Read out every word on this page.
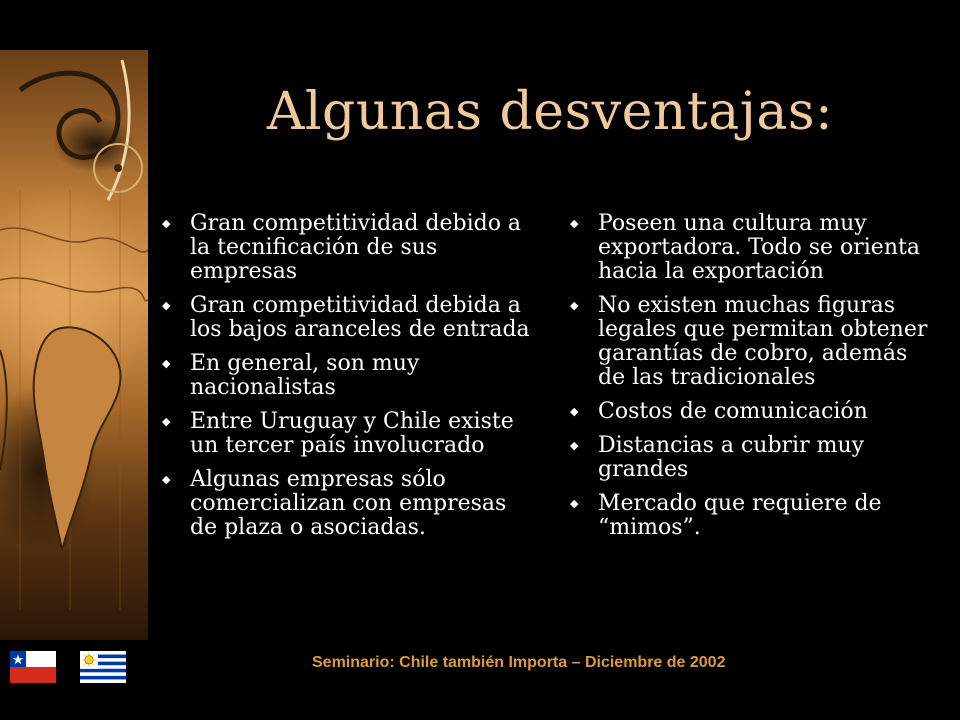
Algunas desventajas:
◆ Gran competitividad debido a la tecnificación de sus empresas
◆ Gran competitividad debida a los bajos aranceles de entrada
◆ En general, son muy nacionalistas
◆ Entre Uruguay y Chile existe un tercer país involucrado
◆ Algunas empresas sólo comercializan con empresas de plaza o asociadas.
◆ Poseen una cultura muy exportadora. Todo se orienta hacia la exportación
◆ No existen muchas figuras legales que permitan obtener garantías de cobro, además de las tradicionales
◆ Costos de comunicación
◆ Distancias a cubrir muy grandes
◆ Mercado que requiere de “mimos”.
Seminario: Chile también Importa – Diciembre de 2002
